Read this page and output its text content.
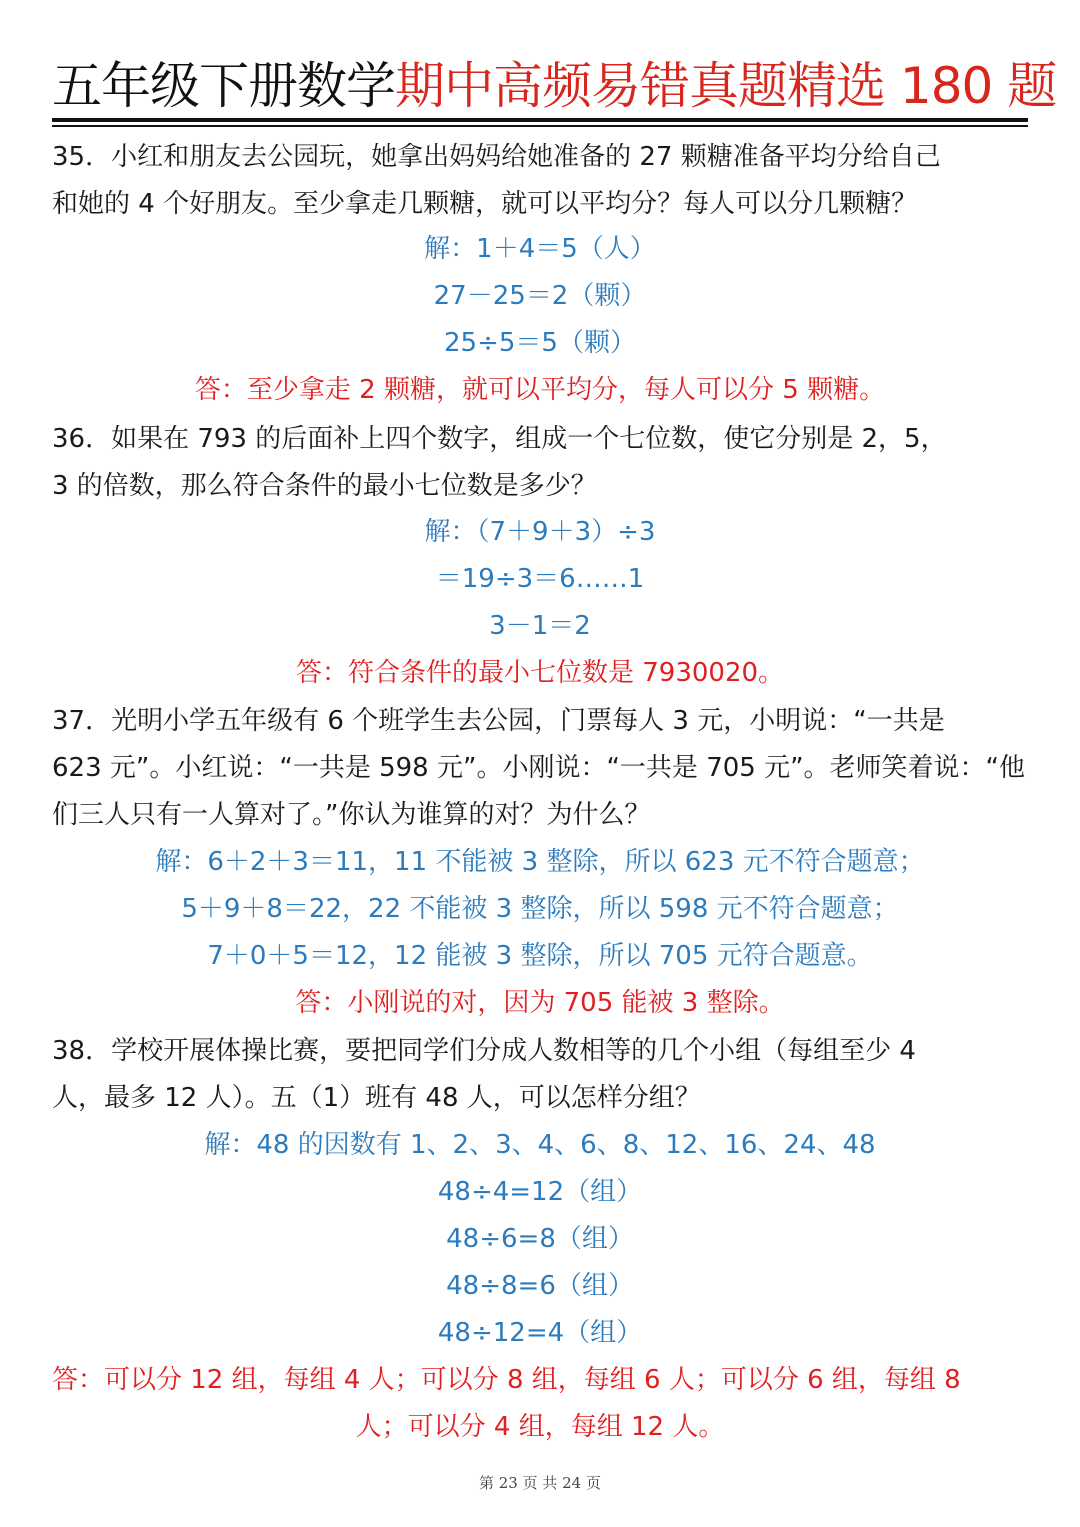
五年级下册数学期中高频易错真题精选 180 题
35．小红和朋友去公园玩，她拿出妈妈给她准备的 27 颗糖准备平均分给自己
和她的 4 个好朋友。至少拿走几颗糖，就可以平均分？每人可以分几颗糖？
解：1＋4＝5（人）
27－25＝2（颗）
25÷5＝5（颗）
答：至少拿走 2 颗糖，就可以平均分，每人可以分 5 颗糖。
36．如果在 793 的后面补上四个数字，组成一个七位数，使它分别是 2，5，
3 的倍数，那么符合条件的最小七位数是多少？
解：（7＋9＋3）÷3
＝19÷3＝6……1
3－1＝2
答：符合条件的最小七位数是 7930020。
37．光明小学五年级有 6 个班学生去公园，门票每人 3 元，小明说：“一共是
623 元”。小红说：“一共是 598 元”。小刚说：“一共是 705 元”。老师笑着说：“他
们三人只有一人算对了。”你认为谁算的对？为什么？
解：6＋2＋3＝11，11 不能被 3 整除，所以 623 元不符合题意；
5＋9＋8＝22，22 不能被 3 整除，所以 598 元不符合题意；
7＋0＋5＝12，12 能被 3 整除，所以 705 元符合题意。
答：小刚说的对，因为 705 能被 3 整除。
38．学校开展体操比赛，要把同学们分成人数相等的几个小组（每组至少 4
人，最多 12 人）。五（1）班有 48 人，可以怎样分组？
解：48 的因数有 1、2、3、4、6、8、12、16、24、48
48÷4=12（组）
48÷6=8（组）
48÷8=6（组）
48÷12=4（组）
答：可以分 12 组，每组 4 人；可以分 8 组，每组 6 人；可以分 6 组，每组 8
人；可以分 4 组，每组 12 人。
第 23 页 共 24 页
